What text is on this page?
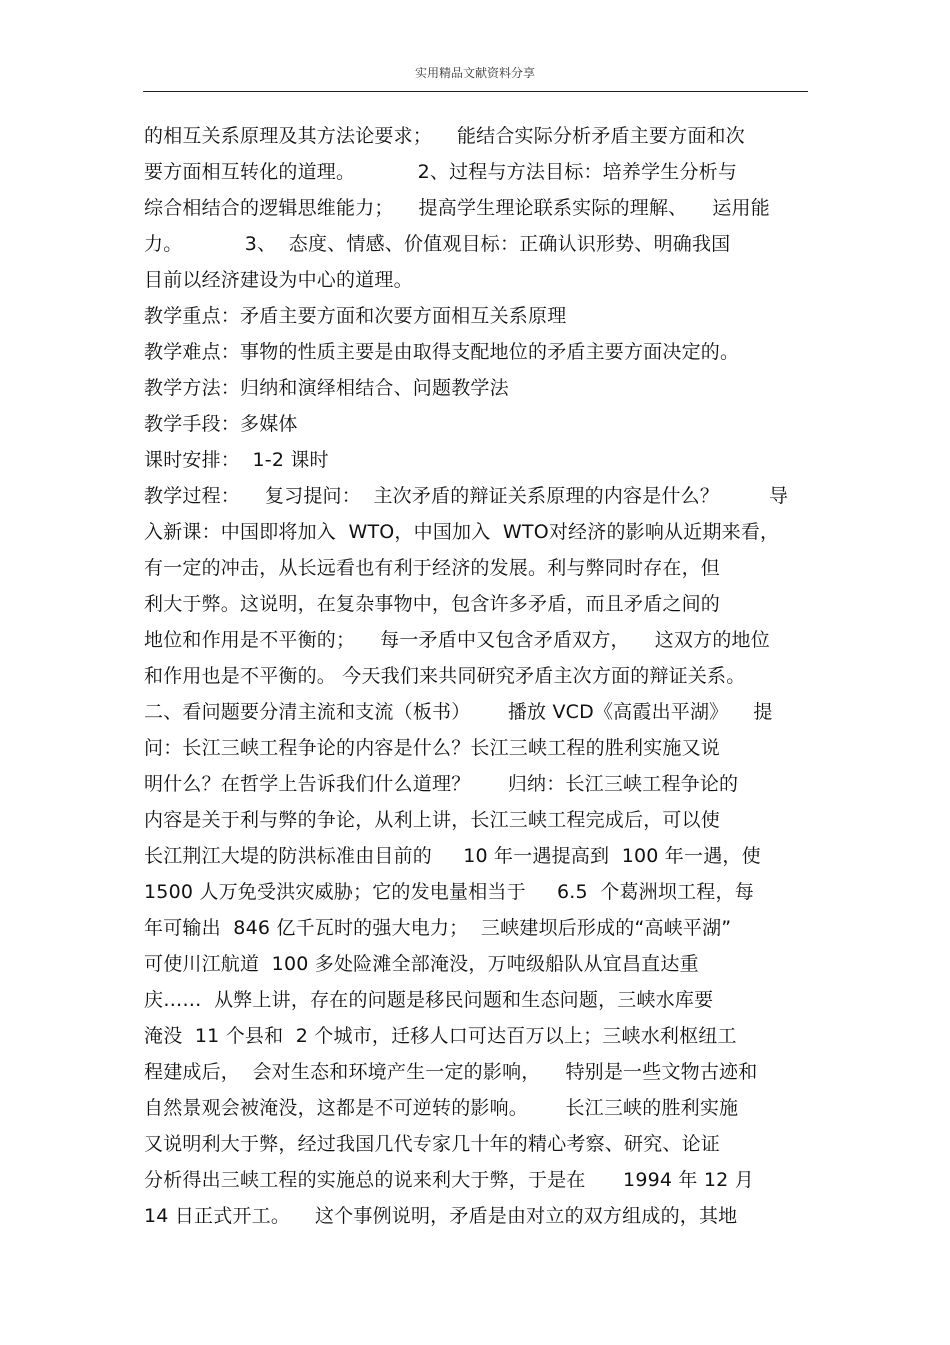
实用精品文献资料分享
的相互关系原理及其方法论要求；    能结合实际分析矛盾主要方面和次
要方面相互转化的道理。          2、过程与方法目标：培养学生分析与
综合相结合的逻辑思维能力；    提高学生理论联系实际的理解、    运用能
力。          3、  态度、情感、价值观目标：正确认识形势、明确我国
目前以经济建设为中心的道理。
教学重点：矛盾主要方面和次要方面相互关系原理
教学难点：事物的性质主要是由取得支配地位的矛盾主要方面决定的。
教学方法：归纳和演绎相结合、问题教学法
教学手段：多媒体
课时安排：  1-2 课时
教学过程：    复习提问：  主次矛盾的辩证关系原理的内容是什么？        导
入新课：中国即将加入  WTO，中国加入  WTO对经济的影响从近期来看，
有一定的冲击，从长远看也有利于经济的发展。利与弊同时存在，但
利大于弊。这说明，在复杂事物中，包含许多矛盾，而且矛盾之间的
地位和作用是不平衡的；    每一矛盾中又包含矛盾双方，    这双方的地位
和作用也是不平衡的。 今天我们来共同研究矛盾主次方面的辩证关系。
二、看问题要分清主流和支流（板书）      播放 VCD《高霞出平湖》    提
问：长江三峡工程争论的内容是什么？长江三峡工程的胜利实施又说
明什么？在哲学上告诉我们什么道理？      归纳：长江三峡工程争论的
内容是关于利与弊的争论，从利上讲，长江三峡工程完成后，可以使
长江荆江大堤的防洪标准由目前的     10 年一遇提高到  100 年一遇，使
1500 人万免受洪灾威胁；它的发电量相当于     6.5  个葛洲坝工程，每
年可输出  846 亿千瓦时的强大电力；  三峡建坝后形成的“高峡平湖”
可使川江航道  100 多处险滩全部淹没，万吨级船队从宜昌直达重
庆……  从弊上讲，存在的问题是移民问题和生态问题，三峡水库要
淹没  11 个县和  2 个城市，迁移人口可达百万以上；三峡水利枢纽工
程建成后，  会对生态和环境产生一定的影响，    特别是一些文物古迹和
自然景观会被淹没，这都是不可逆转的影响。      长江三峡的胜利实施
又说明利大于弊，经过我国几代专家几十年的精心考察、研究、论证
分析得出三峡工程的实施总的说来利大于弊，于是在      1994 年 12 月
14 日正式开工。    这个事例说明，矛盾是由对立的双方组成的，其地
